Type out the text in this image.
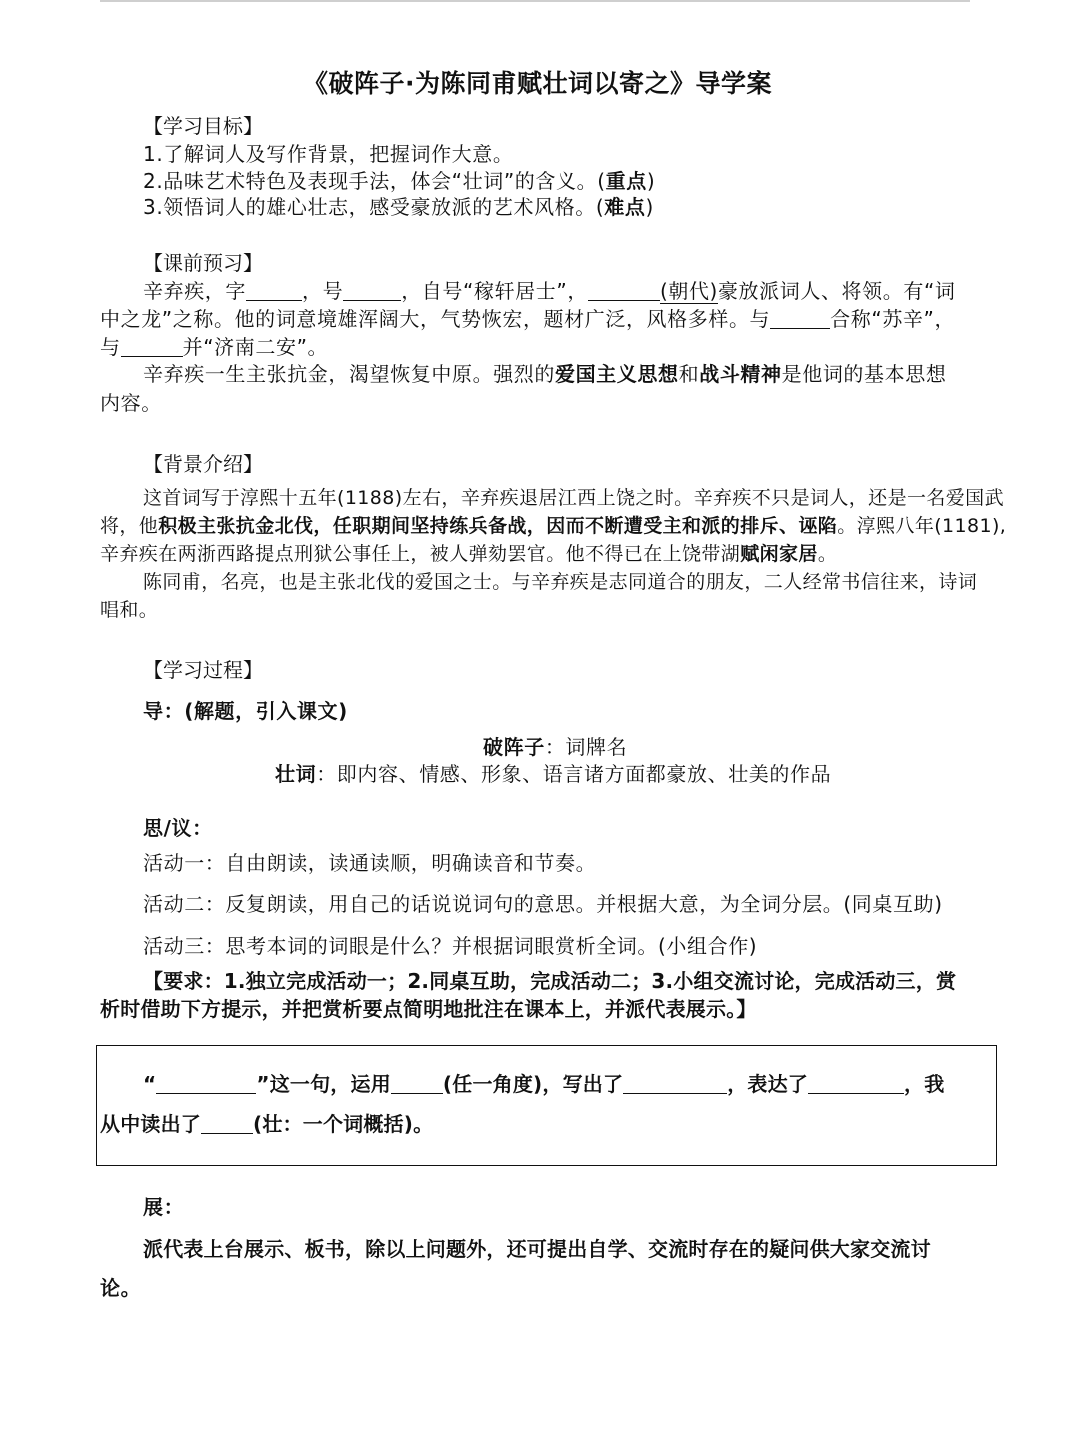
《破阵子·为陈同甫赋壮词以寄之》导学案
【学习目标】
1.了解词人及写作背景，把握词作大意。
2.品味艺术特色及表现手法，体会“壮词”的含义。(重点)
3.领悟词人的雄心壮志，感受豪放派的艺术风格。(难点)
【课前预习】
辛弃疾，字	，号	，自号“稼轩居士”，	(朝代)豪放派词人、将领。有“词
中之龙”之称。他的词意境雄浑阔大，气势恢宏，题材广泛，风格多样。与	合称“苏辛”，
与	并“济南二安”。
辛弃疾一生主张抗金，渴望恢复中原。强烈的爱国主义思想和战斗精神是他词的基本思想
内容。
【背景介绍】
这首词写于淳熙十五年(1188)左右，辛弃疾退居江西上饶之时。辛弃疾不只是词人，还是一名爱国武
将，他积极主张抗金北伐，任职期间坚持练兵备战，因而不断遭受主和派的排斥、诬陷。淳熙八年(1181),
辛弃疾在两浙西路提点刑狱公事任上，被人弹劾罢官。他不得已在上饶带湖赋闲家居。
陈同甫，名亮，也是主张北伐的爱国之士。与辛弃疾是志同道合的朋友，二人经常书信往来，诗词
唱和。
【学习过程】
导：(解题，引入课文)
破阵子：词牌名
壮词：即内容、情感、形象、语言诸方面都豪放、壮美的作品
思/议：
活动一：自由朗读，读通读顺，明确读音和节奏。
活动二：反复朗读，用自己的话说说词句的意思。并根据大意，为全词分层。(同桌互助)
活动三：思考本词的词眼是什么？并根据词眼赏析全词。(小组合作)
【要求：1.独立完成活动一；2.同桌互助，完成活动二；3.小组交流讨论，完成活动三，赏
析时借助下方提示，并把赏析要点简明地批注在课本上，并派代表展示。】
“	”这一句，运用	(任一角度)，写出了	，表达了	，我
从中读出了	(壮：一个词概括)。
展：
派代表上台展示、板书，除以上问题外，还可提出自学、交流时存在的疑问供大家交流讨
论。
